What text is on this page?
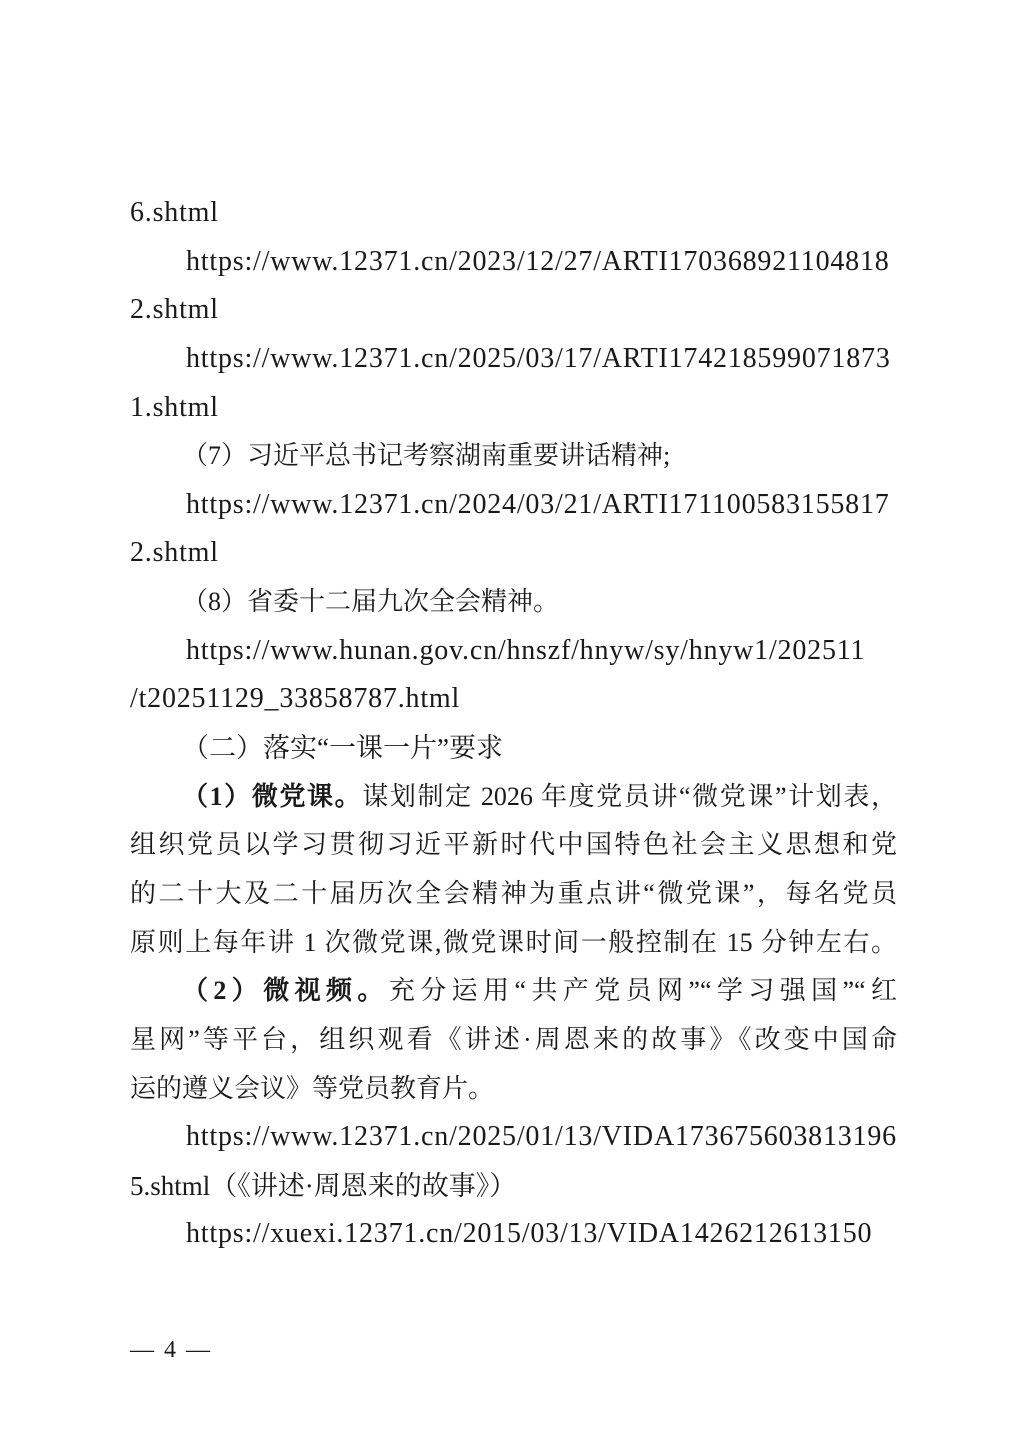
6.shtml
https://www.12371.cn/2023/12/27/ARTI170368921104818
2.shtml
https://www.12371.cn/2025/03/17/ARTI174218599071873
1.shtml
（7）习近平总书记考察湖南重要讲话精神;
https://www.12371.cn/2024/03/21/ARTI171100583155817
2.shtml
（8）省委十二届九次全会精神。
https://www.hunan.gov.cn/hnszf/hnyw/sy/hnyw1/202511
/t20251129_33858787.html
（二）落实“一课一片”要求
（1）微党课。谋划制定 2026 年度党员讲“微党课”计划表，
组织党员以学习贯彻习近平新时代中国特色社会主义思想和党
的二十大及二十届历次全会精神为重点讲“微党课”，每名党员
原则上每年讲 1 次微党课,微党课时间一般控制在 15 分钟左右。
（2）微视频。充分运用“共产党员网”“学习强国”“红
星网”等平台，组织观看《讲述·周恩来的故事》《改变中国命
运的遵义会议》等党员教育片。
https://www.12371.cn/2025/01/13/VIDA173675603813196
5.shtml（《讲述·周恩来的故事》）
https://xuexi.12371.cn/2015/03/13/VIDA1426212613150
— 4 —
